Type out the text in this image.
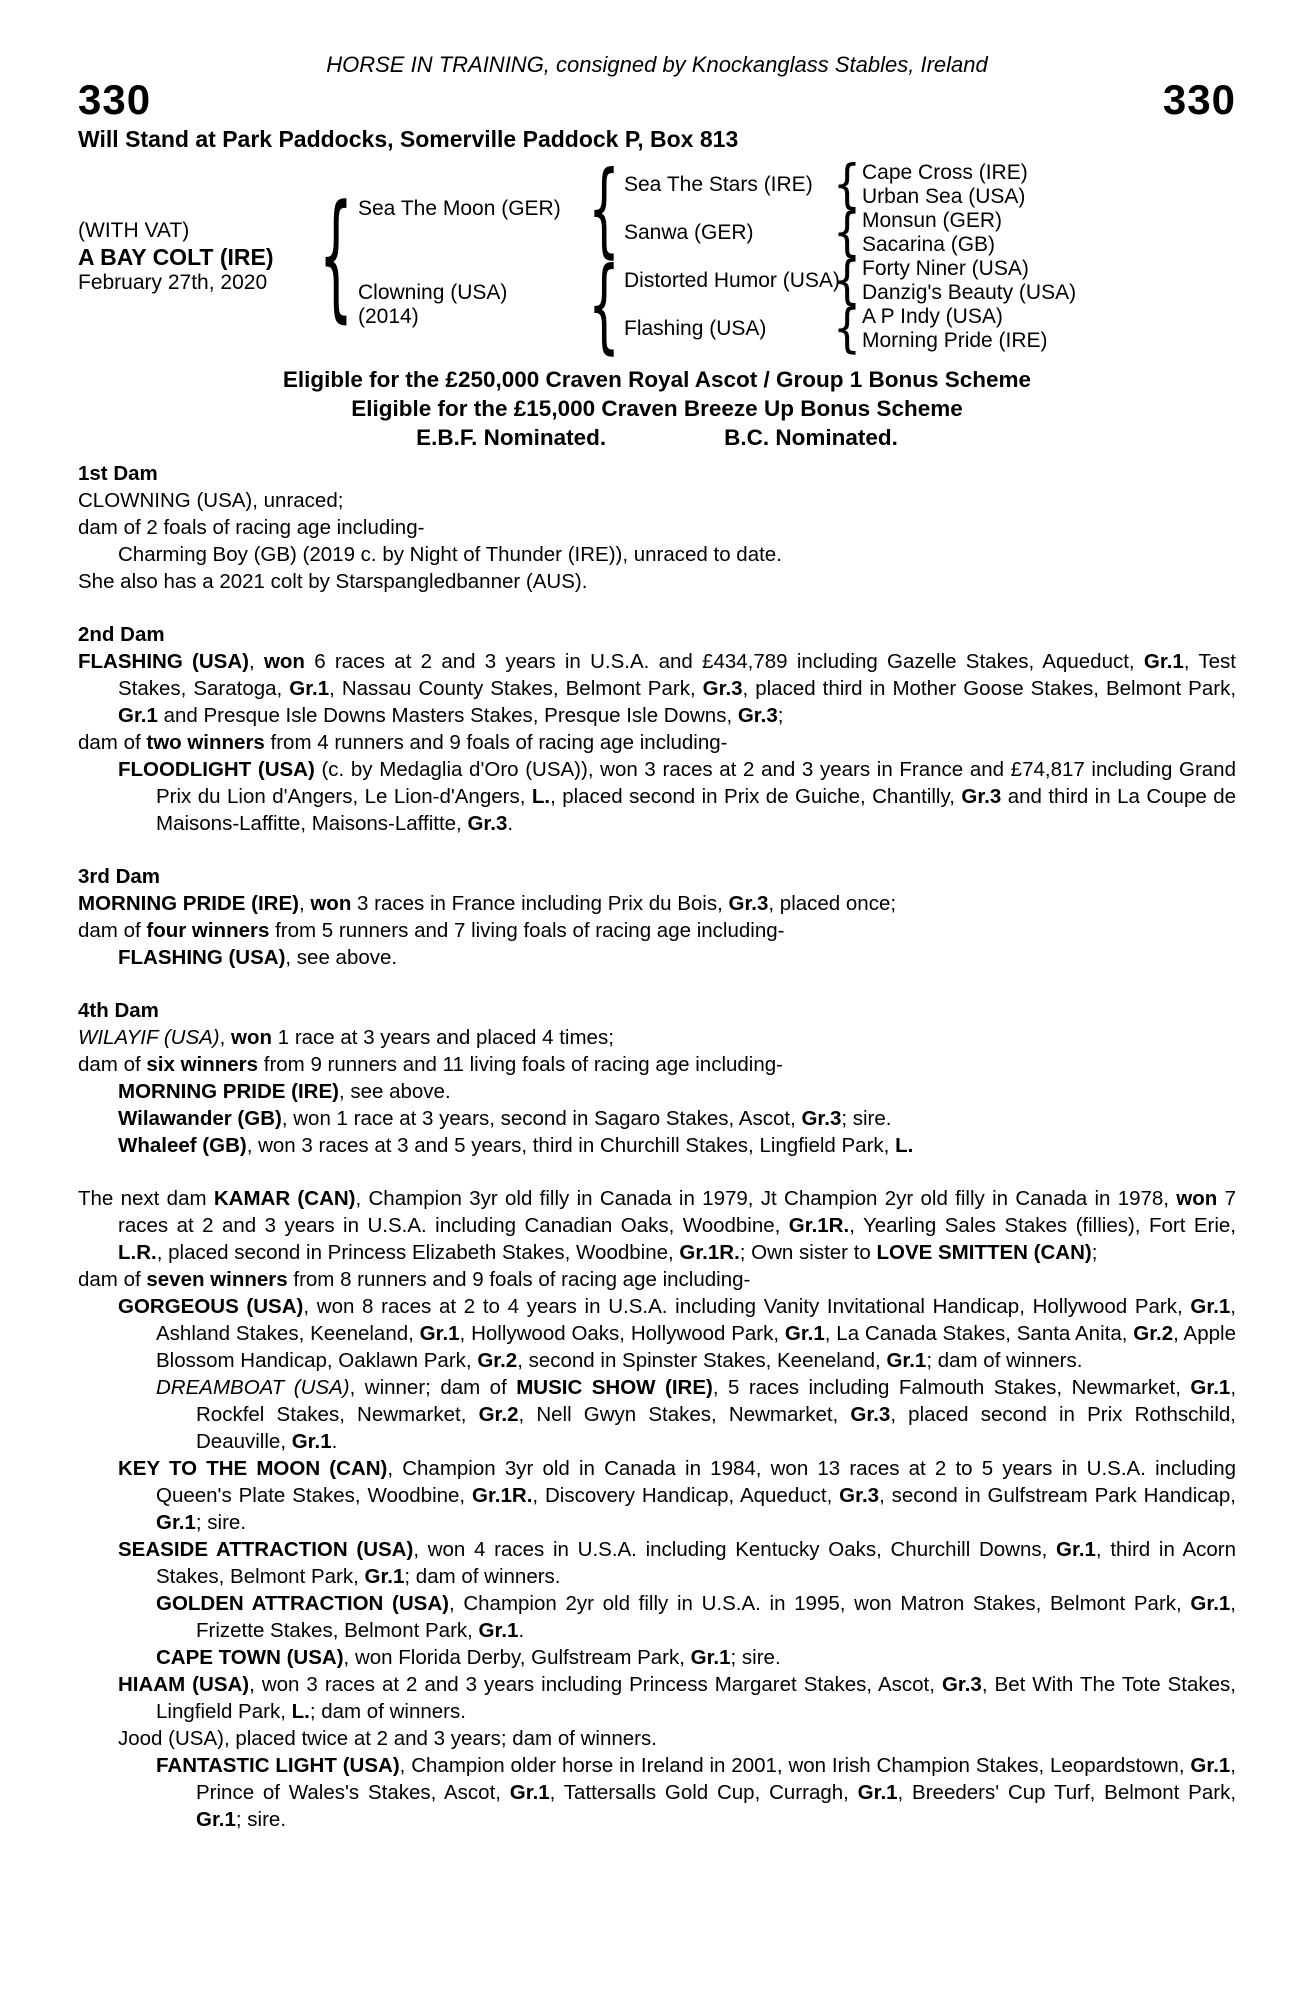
HORSE IN TRAINING, consigned by Knockanglass Stables, Ireland
330	330
Will Stand at Park Paddocks, Somerville Paddock P, Box 813
(WITH VAT)
A BAY COLT (IRE)
February 27th, 2020
{
Sea The Moon (GER)
Clowning (USA)
(2014)
{
{
Sea The Stars (IRE)
Sanwa (GER)
Distorted Humor (USA)
Flashing (USA)
{
{
{
{
Cape Cross (IRE)
Urban Sea (USA)
Monsun (GER)
Sacarina (GB)
Forty Niner (USA)
Danzig's Beauty (USA)
A P Indy (USA)
Morning Pride (IRE)
Eligible for the £250,000 Craven Royal Ascot / Group 1 Bonus Scheme
Eligible for the £15,000 Craven Breeze Up Bonus Scheme
E.B.F. Nominated.	B.C. Nominated.
1st Dam

CLOWNING (USA), unraced;

dam of 2 foals of racing age including-

Charming Boy (GB) (2019 c. by Night of Thunder (IRE)), unraced to date.

She also has a 2021 colt by Starspangledbanner (AUS).

2nd Dam

FLASHING (USA), won 6 races at 2 and 3 years in U.S.A. and £434,789 including Gazelle Stakes, Aqueduct, Gr.1, Test Stakes, Saratoga, Gr.1, Nassau County Stakes, Belmont Park, Gr.3, placed third in Mother Goose Stakes, Belmont Park, Gr.1 and Presque Isle Downs Masters Stakes, Presque Isle Downs, Gr.3;

dam of two winners from 4 runners and 9 foals of racing age including-

FLOODLIGHT (USA) (c. by Medaglia d'Oro (USA)), won 3 races at 2 and 3 years in France and £74,817 including Grand Prix du Lion d'Angers, Le Lion-d'Angers, L., placed second in Prix de Guiche, Chantilly, Gr.3 and third in La Coupe de Maisons-Laffitte, Maisons-Laffitte, Gr.3.

3rd Dam

MORNING PRIDE (IRE), won 3 races in France including Prix du Bois, Gr.3, placed once;

dam of four winners from 5 runners and 7 living foals of racing age including-

FLASHING (USA), see above.

4th Dam

WILAYIF (USA), won 1 race at 3 years and placed 4 times;

dam of six winners from 9 runners and 11 living foals of racing age including-

MORNING PRIDE (IRE), see above.

Wilawander (GB), won 1 race at 3 years, second in Sagaro Stakes, Ascot, Gr.3; sire.

Whaleef (GB), won 3 races at 3 and 5 years, third in Churchill Stakes, Lingfield Park, L.

The next dam KAMAR (CAN), Champion 3yr old filly in Canada in 1979, Jt Champion 2yr old filly in Canada in 1978, won 7 races at 2 and 3 years in U.S.A. including Canadian Oaks, Woodbine, Gr.1R., Yearling Sales Stakes (fillies), Fort Erie, L.R., placed second in Princess Elizabeth Stakes, Woodbine, Gr.1R.; Own sister to LOVE SMITTEN (CAN);

dam of seven winners from 8 runners and 9 foals of racing age including-

GORGEOUS (USA), won 8 races at 2 to 4 years in U.S.A. including Vanity Invitational Handicap, Hollywood Park, Gr.1, Ashland Stakes, Keeneland, Gr.1, Hollywood Oaks, Hollywood Park, Gr.1, La Canada Stakes, Santa Anita, Gr.2, Apple Blossom Handicap, Oaklawn Park, Gr.2, second in Spinster Stakes, Keeneland, Gr.1; dam of winners.

DREAMBOAT (USA), winner; dam of MUSIC SHOW (IRE), 5 races including Falmouth Stakes, Newmarket, Gr.1, Rockfel Stakes, Newmarket, Gr.2, Nell Gwyn Stakes, Newmarket, Gr.3, placed second in Prix Rothschild, Deauville, Gr.1.

KEY TO THE MOON (CAN), Champion 3yr old in Canada in 1984, won 13 races at 2 to 5 years in U.S.A. including Queen's Plate Stakes, Woodbine, Gr.1R., Discovery Handicap, Aqueduct, Gr.3, second in Gulfstream Park Handicap, Gr.1; sire.

SEASIDE ATTRACTION (USA), won 4 races in U.S.A. including Kentucky Oaks, Churchill Downs, Gr.1, third in Acorn Stakes, Belmont Park, Gr.1; dam of winners.

GOLDEN ATTRACTION (USA), Champion 2yr old filly in U.S.A. in 1995, won Matron Stakes, Belmont Park, Gr.1, Frizette Stakes, Belmont Park, Gr.1.

CAPE TOWN (USA), won Florida Derby, Gulfstream Park, Gr.1; sire.

HIAAM (USA), won 3 races at 2 and 3 years including Princess Margaret Stakes, Ascot, Gr.3, Bet With The Tote Stakes, Lingfield Park, L.; dam of winners.

Jood (USA), placed twice at 2 and 3 years; dam of winners.

FANTASTIC LIGHT (USA), Champion older horse in Ireland in 2001, won Irish Champion Stakes, Leopardstown, Gr.1, Prince of Wales's Stakes, Ascot, Gr.1, Tattersalls Gold Cup, Curragh, Gr.1, Breeders' Cup Turf, Belmont Park, Gr.1; sire.
